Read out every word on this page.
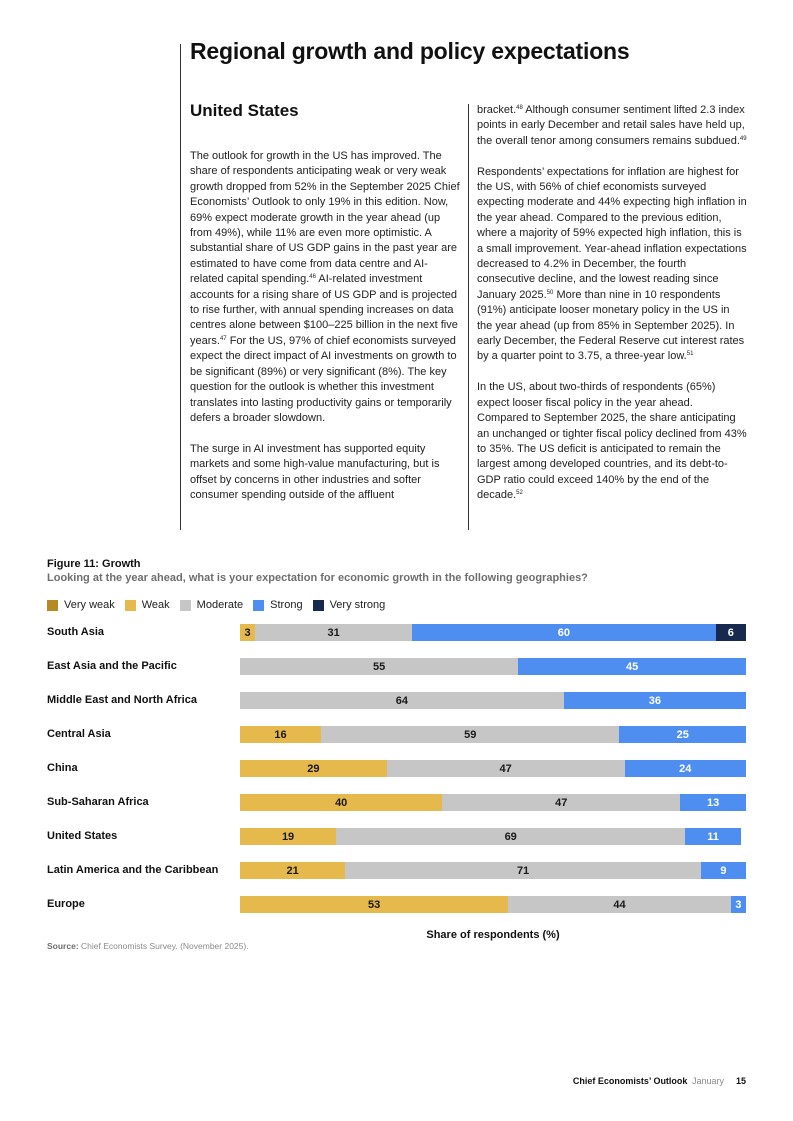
Regional growth and policy expectations
United States

The outlook for growth in the US has improved. The share of respondents anticipating weak or very weak growth dropped from 52% in the September 2025 Chief Economists’ Outlook to only 19% in this edition. Now, 69% expect moderate growth in the year ahead (up from 49%), while 11% are even more optimistic. A substantial share of US GDP gains in the past year are estimated to have come from data centre and AI-related capital spending.$^{46}$ AI-related investment accounts for a rising share of US GDP and is projected to rise further, with annual spending increases on data centres alone between $100–225 billion in the next five years.$^{47}$ For the US, 97% of chief economists surveyed expect the direct impact of AI investments on growth to be significant (89%) or very significant (8%). The key question for the outlook is whether this investment translates into lasting productivity gains or temporarily defers a broader slowdown.

The surge in AI investment has supported equity markets and some high-value manufacturing, but is offset by concerns in other industries and softer consumer spending outside of the affluent

bracket.$^{48}$ Although consumer sentiment lifted 2.3 index points in early December and retail sales have held up, the overall tenor among consumers remains subdued.$^{49}$

Respondents’ expectations for inflation are highest for the US, with 56% of chief economists surveyed expecting moderate and 44% expecting high inflation in the year ahead. Compared to the previous edition, where a majority of 59% expected high inflation, this is a small improvement. Year-ahead inflation expectations decreased to 4.2% in December, the fourth consecutive decline, and the lowest reading since January 2025.50 More than nine in 10 respondents (91%) anticipate looser monetary policy in the US in the year ahead (up from 85% in September 2025). In early December, the Federal Reserve cut interest rates by a quarter point to 3.75, a three-year low.$^{51}$

In the US, about two-thirds of respondents (65%) expect looser fiscal policy in the year ahead. Compared to September 2025, the share anticipating an unchanged or tighter fiscal policy declined from 43% to 35%. The US deficit is anticipated to remain the largest among developed countries, and its debt-to-GDP ratio could exceed 140% by the end of the decade.$^{52}$

Figure 11: Growth
Looking at the year ahead, what is your expectation for economic growth in the following geographies?
Very weak Weak Moderate Strong Very strong
South Asia	3	31	60	6
East Asia and the Pacific	55	45
Middle East and North Africa	64	36
Central Asia	16	59	25
China	29	47	24
Sub-Saharan Africa	40	47	13
United States	19	69	11
Latin America and the Caribbean	21	71	9
Europe	53	44	3
Share of respondents (%)
Source: Chief Economists Survey. (November 2025).
Chief Economists’ Outlook January 15
